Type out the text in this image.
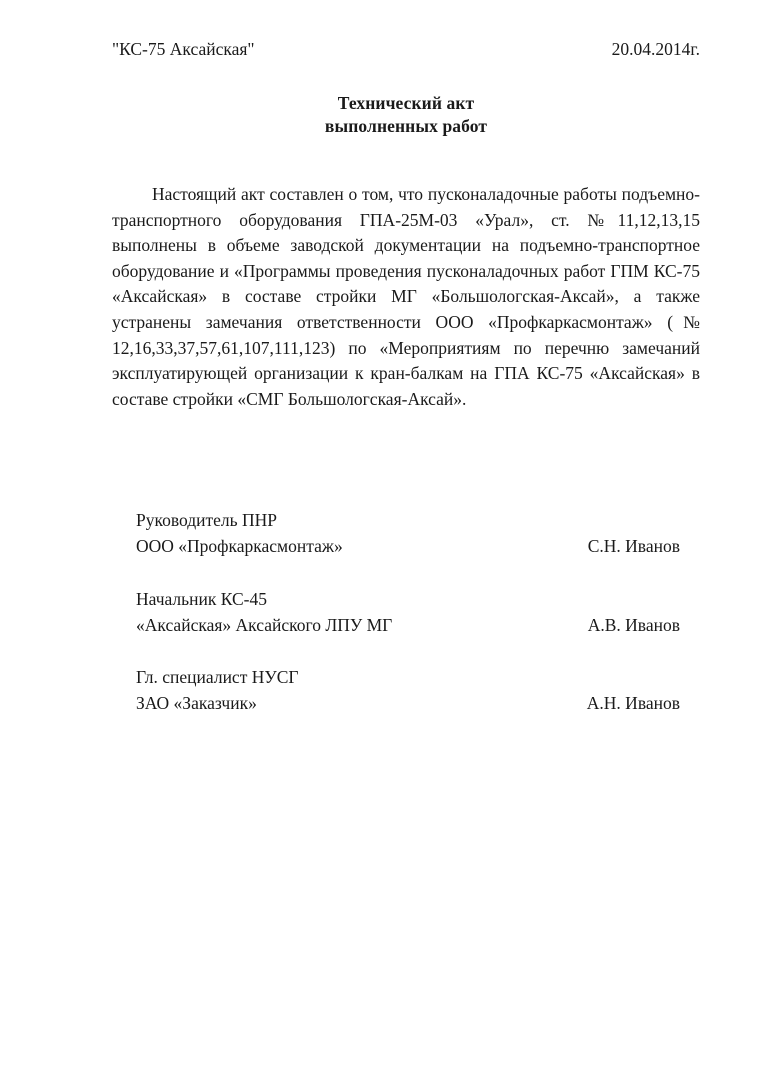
"КС-75 Аксайская"	20.04.2014г.
Технический акт
выполненных работ
Настоящий акт составлен о том, что пусконаладочные работы подъемно-транспортного оборудования ГПА-25М-03 «Урал», ст. №11,12,13,15 выполнены в объеме заводской документации на подъемно-транспортное оборудование и «Программы проведения пусконаладочных работ ГПМ КС-75 «Аксайская» в составе стройки МГ «Большологская-Аксай», а также устранены замечания ответственности ООО «Профкаркасмонтаж» (№ 12,16,33,37,57,61,107,111,123) по «Мероприятиям по перечню замечаний эксплуатирующей организации к кран-балкам на ГПА КС-75 «Аксайская» в составе стройки «СМГ Большологская-Аксай».
Руководитель ПНР
ООО «Профкаркасмонтаж»	С.Н. Иванов
Начальник КС-45
«Аксайская» Аксайского ЛПУ МГ	А.В. Иванов
Гл. специалист НУСГ
ЗАО «Заказчик»	А.Н. Иванов
